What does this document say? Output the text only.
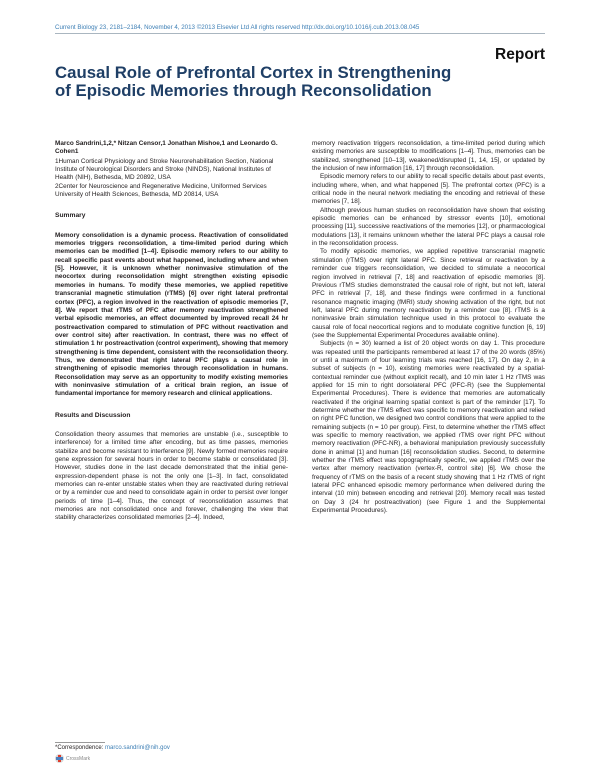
Current Biology 23, 2181–2184, November 4, 2013 ©2013 Elsevier Ltd All rights reserved http://dx.doi.org/10.1016/j.cub.2013.08.045
Report
Causal Role of Prefrontal Cortex in Strengthening of Episodic Memories through Reconsolidation

Marco Sandrini,1,2,* Nitzan Censor,1 Jonathan Mishoe,1 and Leonardo G. Cohen1

1Human Cortical Physiology and Stroke Neurorehabilitation Section, National Institute of Neurological Disorders and Stroke (NINDS), National Institutes of Health (NIH), Bethesda, MD 20892, USA

2Center for Neuroscience and Regenerative Medicine, Uniformed Services University of Health Sciences, Bethesda, MD 20814, USA

Summary

Memory consolidation is a dynamic process. Reactivation of consolidated memories triggers reconsolidation, a time-limited period during which memories can be modified [1–4]. Episodic memory refers to our ability to recall specific past events about what happened, including where and when [5]. However, it is unknown whether noninvasive stimulation of the neocortex during reconsolidation might strengthen existing episodic memories in humans. To modify these memories, we applied repetitive transcranial magnetic stimulation (rTMS) [6] over right lateral prefrontal cortex (PFC), a region involved in the reactivation of episodic memories [7, 8]. We report that rTMS of PFC after memory reactivation strengthened verbal episodic memories, an effect documented by improved recall 24 hr postreactivation compared to stimulation of PFC without reactivation and over control site) after reactivation. In contrast, there was no effect of stimulation 1 hr postreactivation (control experiment), showing that memory strengthening is time dependent, consistent with the reconsolidation theory. Thus, we demonstrated that right lateral PFC plays a causal role in strengthening of episodic memories through reconsolidation in humans. Reconsolidation may serve as an opportunity to modify existing memories with noninvasive stimulation of a critical brain region, an issue of fundamental importance for memory research and clinical applications.

Results and Discussion

Consolidation theory assumes that memories are unstable (i.e., susceptible to interference) for a limited time after encoding, but as time passes, memories stabilize and become resistant to interference [9]. Newly formed memories require gene expression for several hours in order to become stable or consolidated [3]. However, studies done in the last decade demonstrated that the initial gene-expression-dependent phase is not the only one [1–3]. In fact, consolidated memories can re-enter unstable states when they are reactivated during retrieval or by a reminder cue and need to consolidate again in order to persist over longer periods of time [1–4]. Thus, the concept of reconsolidation assumes that memories are not consolidated once and forever, challenging the view that stability characterizes consolidated memories [2–4]. Indeed,

memory reactivation triggers reconsolidation, a time-limited period during which existing memories are susceptible to modifications [1–4]. Thus, memories can be stabilized, strengthened [10–13], weakened/disrupted [1, 14, 15], or updated by the inclusion of new information [16, 17] through reconsolidation.

Episodic memory refers to our ability to recall specific details about past events, including where, when, and what happened [5]. The prefrontal cortex (PFC) is a critical node in the neural network mediating the encoding and retrieval of these memories [7, 18].

Although previous human studies on reconsolidation have shown that existing episodic memories can be enhanced by stressor events [10], emotional processing [11], successive reactivations of the memories [12], or pharmacological modulations [13], it remains unknown whether the lateral PFC plays a causal role in the reconsolidation process.

To modify episodic memories, we applied repetitive transcranial magnetic stimulation (rTMS) over right lateral PFC. Since retrieval or reactivation by a reminder cue triggers reconsolidation, we decided to stimulate a neocortical region involved in retrieval [7, 18] and reactivation of episodic memories [8]. Previous rTMS studies demonstrated the causal role of right, but not left, lateral PFC in retrieval [7, 18], and these findings were confirmed in a functional resonance magnetic imaging (fMRI) study showing activation of the right, but not left, lateral PFC during memory reactivation by a reminder cue [8]. rTMS is a noninvasive brain stimulation technique used in this protocol to evaluate the causal role of focal neocortical regions and to modulate cognitive function [6, 19] (see the Supplemental Experimental Procedures available online).

Subjects (n = 30) learned a list of 20 object words on day 1. This procedure was repeated until the participants remembered at least 17 of the 20 words (85%) or until a maximum of four learning trials was reached [16, 17]. On day 2, in a subset of subjects (n = 10), existing memories were reactivated by a spatial-contextual reminder cue (without explicit recall), and 10 min later 1 Hz rTMS was applied for 15 min to right dorsolateral PFC (PFC-R) (see the Supplemental Experimental Procedures). There is evidence that memories are automatically reactivated if the original learning spatial context is part of the reminder [17]. To determine whether the rTMS effect was specific to memory reactivation and relied on right PFC function, we designed two control conditions that were applied to the remaining subjects (n = 10 per group). First, to determine whether the rTMS effect was specific to memory reactivation, we applied rTMS over right PFC without memory reactivation (PFC-NR), a behavioral manipulation previously successfully done in animal [1] and human [16] reconsolidation studies. Second, to determine whether the rTMS effect was topographically specific, we applied rTMS over the vertex after memory reactivation (vertex-R, control site) [6]. We chose the frequency of rTMS on the basis of a recent study showing that 1 Hz rTMS of right lateral PFC enhanced episodic memory performance when delivered during the interval (10 min) between encoding and retrieval [20]. Memory recall was tested on Day 3 (24 hr postreactivation) (see Figure 1 and the Supplemental Experimental Procedures).

*Correspondence: marco.sandrini@nih.gov
CrossMark
